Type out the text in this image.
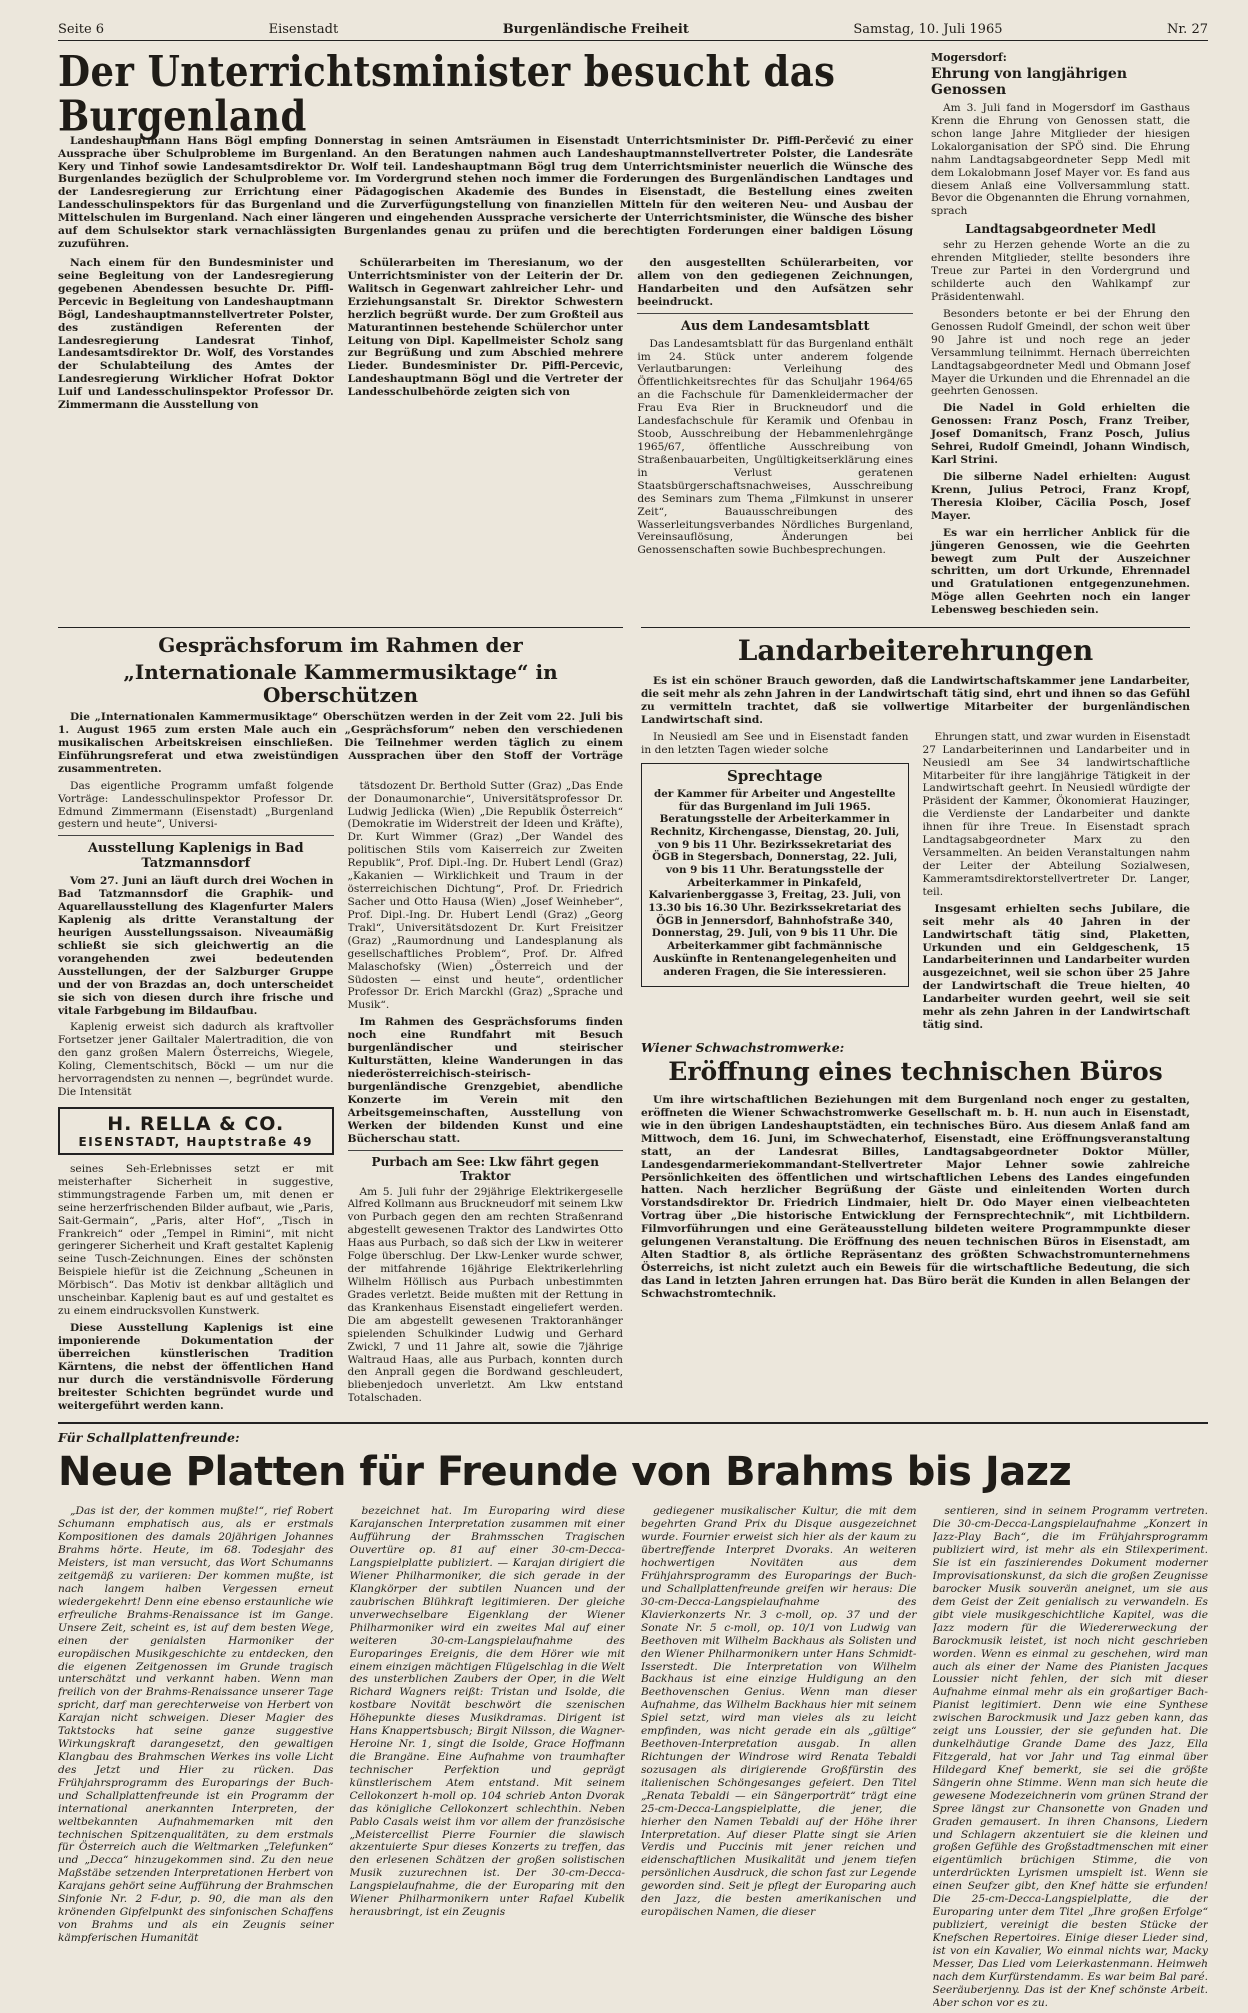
Seite 6	Eisenstadt	Burgenländische Freiheit	Samstag, 10. Juli 1965	Nr. 27
Der Unterrichtsminister besucht das Burgenland

Landeshauptmann Hans Bögl empfing Donnerstag in seinen Amtsräumen in Eisenstadt Unterrichtsminister Dr. Piffl-Perčević zu einer Aussprache über Schulprobleme im Burgenland. An den Beratungen nahmen auch Landeshauptmannstellvertreter Polster, die Landesräte Kery und Tinhof sowie Landesamtsdirektor Dr. Wolf teil. Landeshauptmann Bögl trug dem Unterrichtsminister neuerlich die Wünsche des Burgenlandes bezüglich der Schulprobleme vor. Im Vordergrund stehen noch immer die Forderungen des Burgenländischen Landtages und der Landesregierung zur Errichtung einer Pädagogischen Akademie des Bundes in Eisenstadt, die Bestellung eines zweiten Landesschulinspektors für das Burgenland und die Zurverfügungstellung von finanziellen Mitteln für den weiteren Neu- und Ausbau der Mittelschulen im Burgenland. Nach einer längeren und eingehenden Aussprache versicherte der Unterrichtsminister, die Wünsche des bisher auf dem Schulsektor stark vernachlässigten Burgenlandes genau zu prüfen und die berechtigten Forderungen einer baldigen Lösung zuzuführen.

Nach einem für den Bundesminister und seine Begleitung von der Landesregierung gegebenen Abendessen besuchte Dr. Piffl-Percevic in Begleitung von Landeshauptmann Bögl, Landeshauptmannstellvertreter Polster, des zuständigen Referenten der Landesregierung Landesrat Tinhof, Landesamtsdirektor Dr. Wolf, des Vorstandes der Schulabteilung des Amtes der Landesregierung Wirklicher Hofrat Doktor Luif und Landesschulinspektor Professor Dr. Zimmermann die Ausstellung von

Schülerarbeiten im Theresianum, wo der Unterrichtsminister von der Leiterin der Dr. Walitsch in Gegenwart zahlreicher Lehr- und Erziehungsanstalt Sr. Direktor Schwestern herzlich begrüßt wurde. Der zum Großteil aus Maturantinnen bestehende Schülerchor unter Leitung von Dipl. Kapellmeister Scholz sang zur Begrüßung und zum Abschied mehrere Lieder. Bundesminister Dr. Piffl-Percevic, Landeshauptmann Bögl und die Vertreter der Landesschulbehörde zeigten sich von

den ausgestellten Schülerarbeiten, vor allem von den gediegenen Zeichnungen, Handarbeiten und den Aufsätzen sehr beeindruckt.

Aus dem Landesamtsblatt

Das Landesamtsblatt für das Burgenland enthält im 24. Stück unter anderem folgende Verlautbarungen: Verleihung des Öffentlichkeitsrechtes für das Schuljahr 1964/65 an die Fachschule für Damenkleidermacher der Frau Eva Rier in Bruckneudorf und die Landesfachschule für Keramik und Ofenbau in Stoob, Ausschreibung der Hebammenlehrgänge 1965/67, öffentliche Ausschreibung von Straßenbauarbeiten, Ungültigkeitserklärung eines in Verlust geratenen Staatsbürgerschaftsnachweises, Ausschreibung des Seminars zum Thema „Filmkunst in unserer Zeit“, Bauausschreibungen des Wasserleitungsverbandes Nördliches Burgenland, Vereinsauflösung, Änderungen bei Genossenschaften sowie Buchbesprechungen.

Mogersdorf:
Ehrung von langjährigen Genossen

Am 3. Juli fand in Mogersdorf im Gasthaus Krenn die Ehrung von Genossen statt, die schon lange Jahre Mitglieder der hiesigen Lokalorganisation der SPÖ sind. Die Ehrung nahm Landtagsabgeordneter Sepp Medl mit dem Lokalobmann Josef Mayer vor. Es fand aus diesem Anlaß eine Vollversammlung statt. Bevor die Obgenannten die Ehrung vornahmen, sprach

Landtagsabgeordneter Medl

sehr zu Herzen gehende Worte an die zu ehrenden Mitglieder, stellte besonders ihre Treue zur Partei in den Vordergrund und schilderte auch den Wahlkampf zur Präsidentenwahl.

Besonders betonte er bei der Ehrung den Genossen Rudolf Gmeindl, der schon weit über 90 Jahre ist und noch rege an jeder Versammlung teilnimmt. Hernach überreichten Landtagsabgeordneter Medl und Obmann Josef Mayer die Urkunden und die Ehrennadel an die geehrten Genossen.

Die Nadel in Gold erhielten die Genossen: Franz Posch, Franz Treiber, Josef Domanitsch, Franz Posch, Julius Sehrei, Rudolf Gmeindl, Johann Windisch, Karl Strini.

Die silberne Nadel erhielten: August Krenn, Julius Petroci, Franz Kropf, Theresia Kloiber, Cäcilia Posch, Josef Mayer.

Es war ein herrlicher Anblick für die jüngeren Genossen, wie die Geehrten bewegt zum Pult der Auszeichner schritten, um dort Urkunde, Ehrennadel und Gratulationen entgegenzunehmen. Möge allen Geehrten noch ein langer Lebensweg beschieden sein.

Gesprächsforum im Rahmen der
„Internationale Kammermusiktage“ in Oberschützen

Die „Internationalen Kammermusiktage“ Oberschützen werden in der Zeit vom 22. Juli bis 1. August 1965 zum ersten Male auch ein „Gesprächsforum“ neben den verschiedenen musikalischen Arbeitskreisen einschließen. Die Teilnehmer werden täglich zu einem Einführungsreferat und etwa zweistündigen Aussprachen über den Stoff der Vorträge zusammentreten.

Das eigentliche Programm umfaßt folgende Vorträge: Landesschulinspektor Professor Dr. Edmund Zimmermann (Eisenstadt) „Burgenland gestern und heute“, Universi-

Ausstellung Kaplenigs in Bad Tatzmannsdorf

Vom 27. Juni an läuft durch drei Wochen in Bad Tatzmannsdorf die Graphik- und Aquarellausstellung des Klagenfurter Malers Kaplenig als dritte Veranstaltung der heurigen Ausstellungssaison. Niveaumäßig schließt sie sich gleichwertig an die vorangehenden zwei bedeutenden Ausstellungen, der der Salzburger Gruppe und der von Brazdas an, doch unterscheidet sie sich von diesen durch ihre frische und vitale Farbgebung im Bildaufbau.

Kaplenig erweist sich dadurch als kraftvoller Fortsetzer jener Gailtaler Malertradition, die von den ganz großen Malern Österreichs, Wiegele, Koling, Clementschitsch, Böckl — um nur die hervorragendsten zu nennen —, begründet wurde. Die Intensität

H. RELLA & CO.
EISENSTADT, Hauptstraße 49

seines Seh-Erlebnisses setzt er mit meisterhafter Sicherheit in suggestive, stimmungstragende Farben um, mit denen er seine herzerfrischenden Bilder aufbaut, wie „Paris, Sait-Germain“, „Paris, alter Hof“, „Tisch in Frankreich“ oder „Tempel in Rimini“, mit nicht geringerer Sicherheit und Kraft gestaltet Kaplenig seine Tusch-Zeichnungen. Eines der schönsten Beispiele hiefür ist die Zeichnung „Scheunen in Mörbisch“. Das Motiv ist denkbar alltäglich und unscheinbar. Kaplenig baut es auf und gestaltet es zu einem eindrucksvollen Kunstwerk.

Diese Ausstellung Kaplenigs ist eine imponierende Dokumentation der überreichen künstlerischen Tradition Kärntens, die nebst der öffentlichen Hand nur durch die verständnisvolle Förderung breitester Schichten begründet wurde und weitergeführt werden kann.

tätsdozent Dr. Berthold Sutter (Graz) „Das Ende der Donaumonarchie“, Universitätsprofessor Dr. Ludwig Jedlicka (Wien) „Die Republik Österreich“ (Demokratie im Widerstreit der Ideen und Kräfte), Dr. Kurt Wimmer (Graz) „Der Wandel des politischen Stils vom Kaiserreich zur Zweiten Republik“, Prof. Dipl.-Ing. Dr. Hubert Lendl (Graz) „Kakanien — Wirklichkeit und Traum in der österreichischen Dichtung“, Prof. Dr. Friedrich Sacher und Otto Hausa (Wien) „Josef Weinheber“, Prof. Dipl.-Ing. Dr. Hubert Lendl (Graz) „Georg Trakl“, Universitätsdozent Dr. Kurt Freisitzer (Graz) „Raumordnung und Landesplanung als gesellschaftliches Problem“, Prof. Dr. Alfred Malaschofsky (Wien) „Österreich und der Südosten — einst und heute“, ordentlicher Professor Dr. Erich Marckhl (Graz) „Sprache und Musik“.

Im Rahmen des Gesprächsforums finden noch eine Rundfahrt mit Besuch burgenländischer und steirischer Kulturstätten, kleine Wanderungen in das niederösterreichisch-steirisch-burgenländische Grenzgebiet, abendliche Konzerte im Verein mit den Arbeitsgemeinschaften, Ausstellung von Werken der bildenden Kunst und eine Bücherschau statt.

Purbach am See: Lkw fährt gegen Traktor

Am 5. Juli fuhr der 29jährige Elektrikergeselle Alfred Kollmann aus Bruckneudorf mit seinem Lkw von Purbach gegen den am rechten Straßenrand abgestellt gewesenen Traktor des Landwirtes Otto Haas aus Purbach, so daß sich der Lkw in weiterer Folge überschlug. Der Lkw-Lenker wurde schwer, der mitfahrende 16jährige Elektrikerlehrling Wilhelm Höllisch aus Purbach unbestimmten Grades verletzt. Beide mußten mit der Rettung in das Krankenhaus Eisenstadt eingeliefert werden. Die am abgestellt gewesenen Traktoranhänger spielenden Schulkinder Ludwig und Gerhard Zwickl, 7 und 11 Jahre alt, sowie die 7jährige Waltraud Haas, alle aus Purbach, konnten durch den Anprall gegen die Bordwand geschleudert, bliebenjedoch unverletzt. Am Lkw entstand Totalschaden.

Landarbeiterehrungen

Es ist ein schöner Brauch geworden, daß die Landwirtschaftskammer jene Landarbeiter, die seit mehr als zehn Jahren in der Landwirtschaft tätig sind, ehrt und ihnen so das Gefühl zu vermitteln trachtet, daß sie vollwertige Mitarbeiter der burgenländischen Landwirtschaft sind.

In Neusiedl am See und in Eisenstadt fanden in den letzten Tagen wieder solche

Sprechtage

der Kammer für Arbeiter und Angestellte für das Burgenland im Juli 1965. Beratungsstelle der Arbeiterkammer in Rechnitz, Kirchengasse, Dienstag, 20. Juli, von 9 bis 11 Uhr. Bezirkssekretariat des ÖGB in Stegersbach, Donnerstag, 22. Juli, von 9 bis 11 Uhr. Beratungsstelle der Arbeiterkammer in Pinkafeld, Kalvarienberggasse 3, Freitag, 23. Juli, von 13.30 bis 16.30 Uhr. Bezirkssekretariat des ÖGB in Jennersdorf, Bahnhofstraße 340, Donnerstag, 29. Juli, von 9 bis 11 Uhr. Die Arbeiterkammer gibt fachmännische Auskünfte in Rentenangelegenheiten und anderen Fragen, die Sie interessieren.

Ehrungen statt, und zwar wurden in Eisenstadt 27 Landarbeiterinnen und Landarbeiter und in Neusiedl am See 34 landwirtschaftliche Mitarbeiter für ihre langjährige Tätigkeit in der Landwirtschaft geehrt. In Neusiedl würdigte der Präsident der Kammer, Ökonomierat Hauzinger, die Verdienste der Landarbeiter und dankte ihnen für ihre Treue. In Eisenstadt sprach Landtagsabgeordneter Marx zu den Versammelten. An beiden Veranstaltungen nahm der Leiter der Abteilung Sozialwesen, Kammeramtsdirektorstellvertreter Dr. Langer, teil.

Insgesamt erhielten sechs Jubilare, die seit mehr als 40 Jahren in der Landwirtschaft tätig sind, Plaketten, Urkunden und ein Geldgeschenk, 15 Landarbeiterinnen und Landarbeiter wurden ausgezeichnet, weil sie schon über 25 Jahre der Landwirtschaft die Treue hielten, 40 Landarbeiter wurden geehrt, weil sie seit mehr als zehn Jahren in der Landwirtschaft tätig sind.

Wiener Schwachstromwerke:
Eröffnung eines technischen Büros

Um ihre wirtschaftlichen Beziehungen mit dem Burgenland noch enger zu gestalten, eröffneten die Wiener Schwachstromwerke Gesellschaft m. b. H. nun auch in Eisenstadt, wie in den übrigen Landeshauptstädten, ein technisches Büro. Aus diesem Anlaß fand am Mittwoch, dem 16. Juni, im Schwechaterhof, Eisenstadt, eine Eröffnungsveranstaltung statt, an der Landesrat Billes, Landtagsabgeordneter Doktor Müller, Landesgendarmeriekommandant-Stellvertreter Major Lehner sowie zahlreiche Persönlichkeiten des öffentlichen und wirtschaftlichen Lebens des Landes eingefunden hatten. Nach herzlicher Begrüßung der Gäste und einleitenden Worten durch Vorstandsdirektor Dr. Friedrich Lindmaier, hielt Dr. Odo Mayer einen vielbeachteten Vortrag über „Die historische Entwicklung der Fernsprechtechnik“, mit Lichtbildern. Filmvorführungen und eine Geräteausstellung bildeten weitere Programmpunkte dieser gelungenen Veranstaltung. Die Eröffnung des neuen technischen Büros in Eisenstadt, am Alten Stadtior 8, als örtliche Repräsentanz des größten Schwachstromunternehmens Österreichs, ist nicht zuletzt auch ein Beweis für die wirtschaftliche Bedeutung, die sich das Land in letzten Jahren errungen hat. Das Büro berät die Kunden in allen Belangen der Schwachstromtechnik.

Für Schallplattenfreunde:
Neue Platten für Freunde von Brahms bis Jazz

„Das ist der, der kommen mußte!“, rief Robert Schumann emphatisch aus, als er erstmals Kompositionen des damals 20jährigen Johannes Brahms hörte. Heute, im 68. Todesjahr des Meisters, ist man versucht, das Wort Schumanns zeitgemäß zu variieren: Der kommen mußte, ist nach langem halben Vergessen erneut wiedergekehrt! Denn eine ebenso erstaunliche wie erfreuliche Brahms-Renaissance ist im Gange. Unsere Zeit, scheint es, ist auf dem besten Wege, einen der genialsten Harmoniker der europäischen Musikgeschichte zu entdecken, den die eigenen Zeitgenossen im Grunde tragisch unterschätzt und verkannt haben. Wenn man freilich von der Brahms-Renaissance unserer Tage spricht, darf man gerechterweise von Herbert von Karajan nicht schweigen. Dieser Magier des Taktstocks hat seine ganze suggestive Wirkungskraft darangesetzt, den gewaltigen Klangbau des Brahmschen Werkes ins volle Licht des Jetzt und Hier zu rücken. Das Frühjahrsprogramm des Europarings der Buch- und Schallplattenfreunde ist ein Programm der international anerkannten Interpreten, der weltbekannten Aufnahmemarken mit den technischen Spitzenqualitäten, zu dem erstmals für Österreich auch die Weltmarken „Telefunken“ und „Decca“ hinzugekommen sind. Zu den neue Maßstäbe setzenden Interpretationen Herbert von Karajans gehört seine Aufführung der Brahmschen Sinfonie Nr. 2 F-dur, p. 90, die man als den krönenden Gipfelpunkt des sinfonischen Schaffens von Brahms und als ein Zeugnis seiner kämpferischen Humanität

bezeichnet hat. Im Europaring wird diese Karajanschen Interpretation zusammen mit einer Aufführung der Brahmsschen Tragischen Ouvertüre op. 81 auf einer 30-cm-Decca-Langspielplatte publiziert. — Karajan dirigiert die Wiener Philharmoniker, die sich gerade in der Klangkörper der subtilen Nuancen und der zaubrischen Blühkraft legitimieren. Der gleiche unverwechselbare Eigenklang der Wiener Philharmoniker wird ein zweites Mal auf einer weiteren 30-cm-Langspielaufnahme des Europaringes Ereignis, die dem Hörer wie mit einem einzigen mächtigen Flügelschlag in die Welt des unsterblichen Zaubers der Oper, in die Welt Richard Wagners reißt: Tristan und Isolde, die kostbare Novität beschwört die szenischen Höhepunkte dieses Musikdramas. Dirigent ist Hans Knappertsbusch; Birgit Nilsson, die Wagner-Heroine Nr. 1, singt die Isolde, Grace Hoffmann die Brangäne. Eine Aufnahme von traumhafter technischer Perfektion und geprägt künstlerischem Atem entstand. Mit seinem Cellokonzert h-moll op. 104 schrieb Anton Dvorak das königliche Cellokonzert schlechthin. Neben Pablo Casals weist ihm vor allem der französische „Meistercellist Pierre Fournier die slawisch akzentuierte Spur dieses Konzerts zu treffen, das den erlesenen Schätzen der großen solistischen Musik zuzurechnen ist. Der 30-cm-Decca-Langspielaufnahme, die der Europaring mit den Wiener Philharmonikern unter Rafael Kubelik herausbringt, ist ein Zeugnis

gediegener musikalischer Kultur, die mit dem begehrten Grand Prix du Disque ausgezeichnet wurde. Fournier erweist sich hier als der kaum zu übertreffende Interpret Dvoraks. An weiteren hochwertigen Novitäten aus dem Frühjahrsprogramm des Europarings der Buch- und Schallplattenfreunde greifen wir heraus: Die 30-cm-Decca-Langspielaufnahme des Klavierkonzerts Nr. 3 c-moll, op. 37 und der Sonate Nr. 5 c-moll, op. 10/1 von Ludwig van Beethoven mit Wilhelm Backhaus als Solisten und den Wiener Philharmonikern unter Hans Schmidt-Isserstedt. Die Interpretation von Wilhelm Backhaus ist eine einzige Huldigung an den Beethovenschen Genius. Wenn man dieser Aufnahme, das Wilhelm Backhaus hier mit seinem Spiel setzt, wird man vieles als zu leicht empfinden, was nicht gerade ein als „gültige“ Beethoven-Interpretation ausgab. In allen Richtungen der Windrose wird Renata Tebaldi sozusagen als dirigierende Großfürstin des italienischen Schöngesanges gefeiert. Den Titel „Renata Tebaldi — ein Sängerporträt“ trägt eine 25-cm-Decca-Langspielplatte, die jener, die hierher den Namen Tebaldi auf der Höhe ihrer Interpretation. Auf dieser Platte singt sie Arien Verdis und Puccinis mit jener reichen und eidenschaftlichen Musikalität und jenem tiefen persönlichen Ausdruck, die schon fast zur Legende geworden sind. Seit je pflegt der Europaring auch den Jazz, die besten amerikanischen und europäischen Namen, die dieser

sentieren, sind in seinem Programm vertreten. Die 30-cm-Decca-Langspielaufnahme „Konzert in Jazz-Play Bach“, die im Frühjahrsprogramm publiziert wird, ist mehr als ein Stilexperiment. Sie ist ein faszinierendes Dokument moderner Improvisationskunst, da sich die großen Zeugnisse barocker Musik souverän aneignet, um sie aus dem Geist der Zeit genialisch zu verwandeln. Es gibt viele musikgeschichtliche Kapitel, was die Jazz modern für die Wiedererweckung der Barockmusik leistet, ist noch nicht geschrieben worden. Wenn es einmal zu geschehen, wird man auch als einer der Name des Pianisten Jacques Loussier nicht fehlen, der sich mit dieser Aufnahme einmal mehr als ein großartiger Bach-Pianist legitimiert. Denn wie eine Synthese zwischen Barockmusik und Jazz geben kann, das zeigt uns Loussier, der sie gefunden hat. Die dunkelhäutige Grande Dame des Jazz, Ella Fitzgerald, hat vor Jahr und Tag einmal über Hildegard Knef bemerkt, sie sei die größte Sängerin ohne Stimme. Wenn man sich heute die gewesene Modezeichnerin vom grünen Strand der Spree längst zur Chansonette von Gnaden und Graden gemausert. In ihren Chansons, Liedern und Schlagern akzentuiert sie die kleinen und großen Gefühle des Großstadtmenschen mit einer eigentümlich brüchigen Stimme, die von unterdrückten Lyrismen umspielt ist. Wenn sie einen Seufzer gibt, den Knef hätte sie erfunden! Die 25-cm-Decca-Langspielplatte, die der Europaring unter dem Titel „Ihre großen Erfolge“ publiziert, vereinigt die besten Stücke der Knefschen Repertoires. Einige dieser Lieder sind, ist von ein Kavalier, Wo einmal nichts war, Macky Messer, Das Lied vom Leierkastenmann. Heimweh nach dem Kurfürstendamm. Es war beim Bal paré. Seeräuberjenny. Das ist der Knef schönste Arbeit. Aber schon vor es zu.
